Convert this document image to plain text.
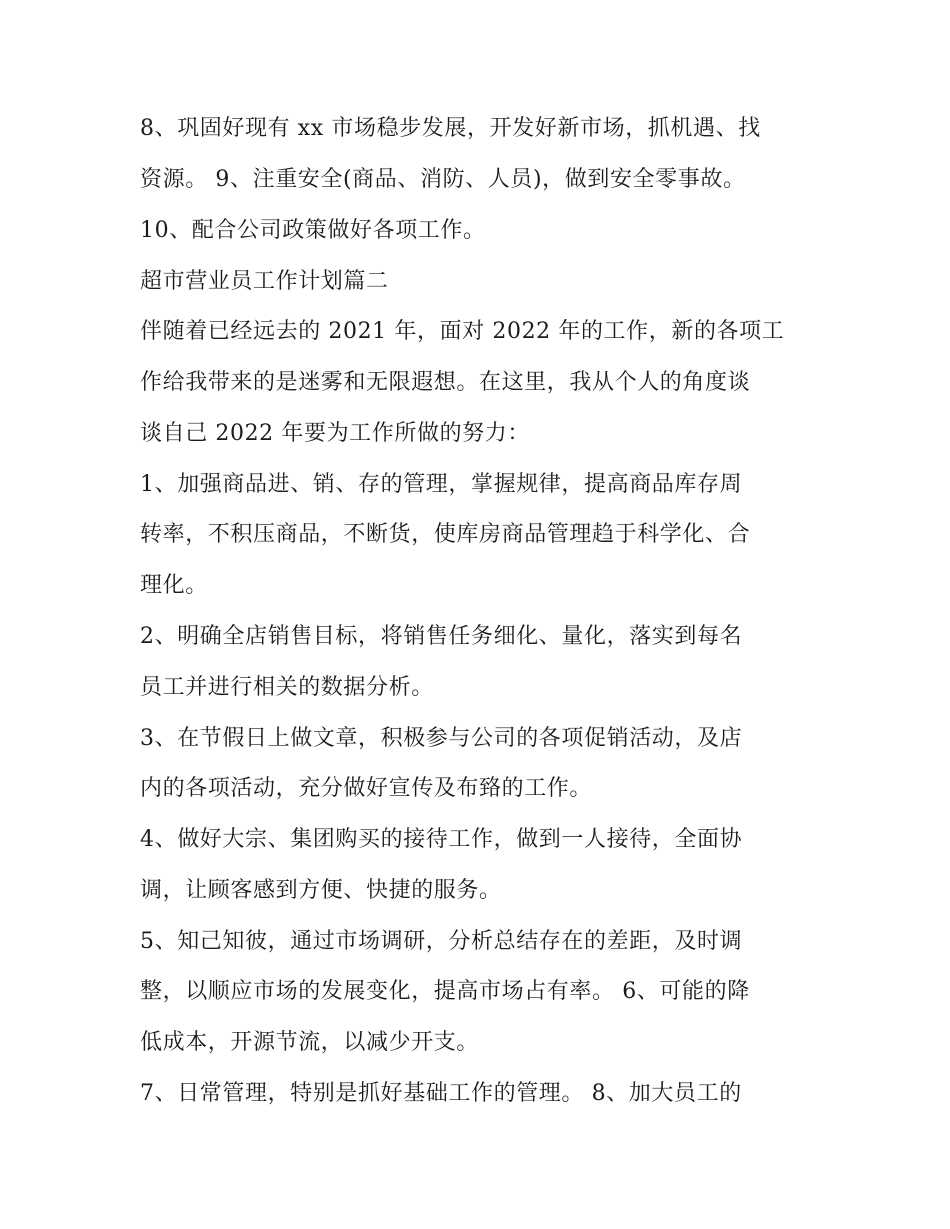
8、巩固好现有 xx 市场稳步发展，开发好新市场，抓机遇、找

资源。 9、注重安全(商品、消防、人员)，做到安全零事故。

10、配合公司政策做好各项工作。

超市营业员工作计划篇二

伴随着已经远去的 2021 年，面对 2022 年的工作，新的各项工

作给我带来的是迷雾和无限遐想。在这里，我从个人的角度谈

谈自己 2022 年要为工作所做的努力：

1、加强商品进、销、存的管理，掌握规律，提高商品库存周

转率，不积压商品，不断货，使库房商品管理趋于科学化、合

理化。

2、明确全店销售目标，将销售任务细化、量化，落实到每名

员工并进行相关的数据分析。

3、在节假日上做文章，积极参与公司的各项促销活动，及店

内的各项活动，充分做好宣传及布臵的工作。

4、做好大宗、集团购买的接待工作，做到一人接待，全面协

调，让顾客感到方便、快捷的服务。

5、知己知彼，通过市场调研，分析总结存在的差距，及时调

整，以顺应市场的发展变化，提高市场占有率。 6、可能的降

低成本，开源节流，以减少开支。

7、日常管理，特别是抓好基础工作的管理。 8、加大员工的
